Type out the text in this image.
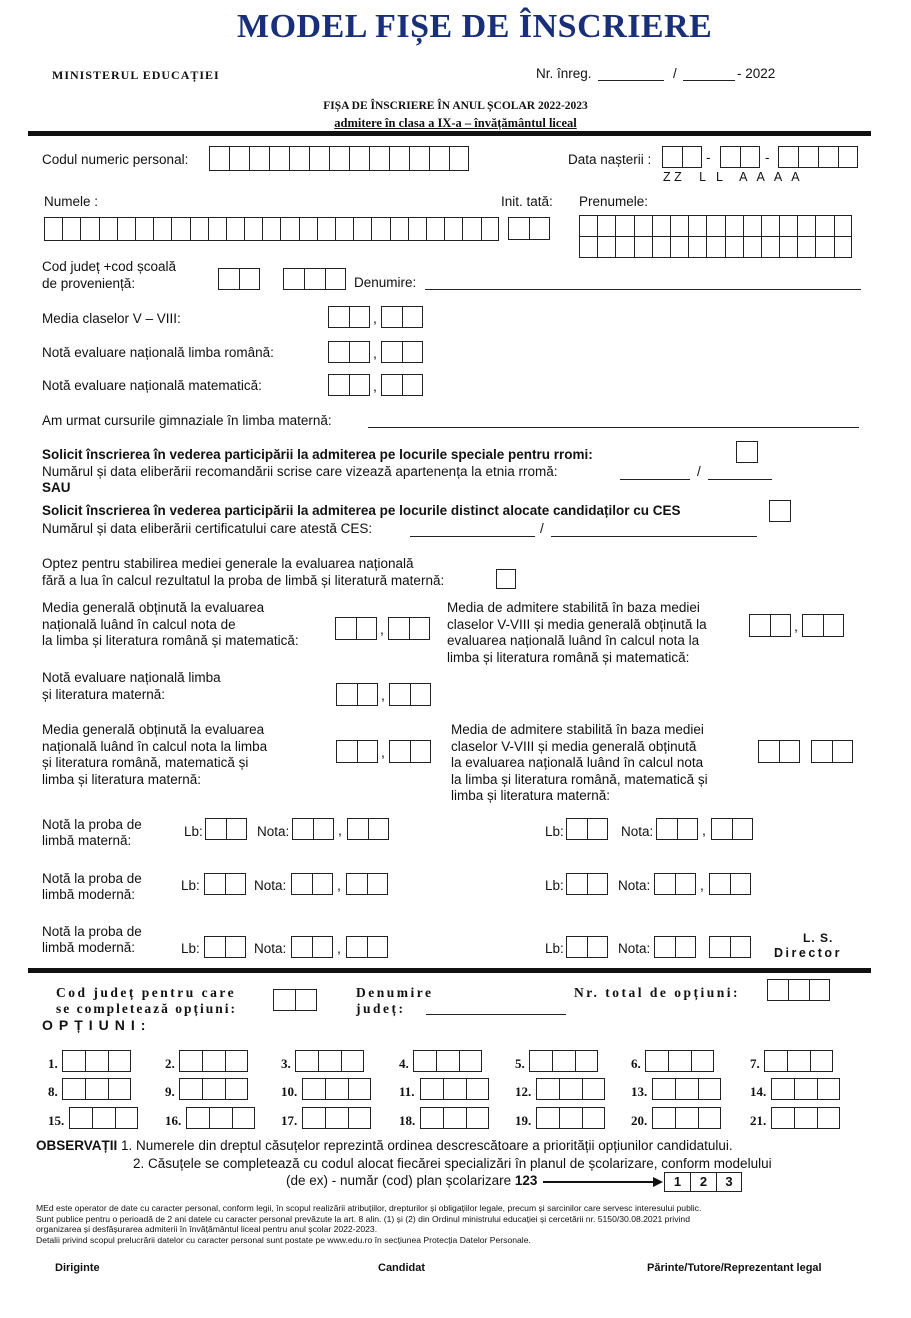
MODEL FIȘE DE ÎNSCRIERE
MINISTERUL EDUCAȚIEI	Nr. înreg.	/	- 2022
FIȘA DE ÎNSCRIERE ÎN ANUL ȘCOLAR 2022-2023
admitere în clasa a IX-a – învățământul liceal
Codul numeric personal:	Data nașterii :	-	-
Z Z     L   L     A   A   A   A
Numele :	Init. tată: Prenumele:
Cod județ +cod școală
de proveniență:	Denumire:
Media claselor V – VIII:	,
Notă evaluare națională limba română:	,
Notă evaluare națională matematică:	,
Am urmat cursurile gimnaziale în limba maternă:
Solicit înscrierea în vederea participării la admiterea pe locurile speciale pentru rromi:
Numărul și data eliberării recomandării scrise care vizează apartenența la etnia rromă:	/
SAU
Solicit înscrierea în vederea participării la admiterea pe locurile distinct alocate candidaților cu CES
Numărul și data eliberării certificatului care atestă CES:	/
Optez pentru stabilirea mediei generale la evaluarea națională
fără a lua în calcul rezultatul la proba de limbă și literatură maternă:
Media generală obținută la evaluarea
națională luând în calcul nota de
la limba și literatura română și matematică:
,
Media de admitere stabilită în baza mediei
claselor V-VIII și media generală obținută la
evaluarea națională luând în calcul nota la
limba și literatura română și matematică:
,
Notă evaluare națională limba
și literatura maternă:	,
Media generală obținută la evaluarea
națională luând în calcul nota la limba
și literatura română, matematică și
limba și literatura maternă:
,
Media de admitere stabilită în baza mediei
claselor V-VIII și media generală obținută
la evaluarea națională luând în calcul nota
la limba și literatura română, matematică și
limba și literatura maternă:
Notă la proba de
limbă maternă:
Lb:	Nota:	,	Lb:	Nota:	,
Notă la proba de
limbă modernă:
Lb:	Nota:	,	Lb:	Nota:	,
Notă la proba de
limbă modernă:	Lb:	Nota:	,	Lb:	Nota:
L. S.
Director
Cod județ pentru care
se completează opțiuni:
Denumire
județ:
Nr. total de opțiuni:
OPȚIUNI:
1.	2.	3.	4.	5.	6.	7.
8.	9.	10.	11.	12.	13.	14.
15.	16.	17.	18.	19.	20.	21.
OBSERVAȚII 1. Numerele din dreptul căsuțelor reprezintă ordinea descrescătoare a priorității opțiunilor candidatului.
2. Căsuțele se completează cu codul alocat fiecărei specializări în planul de școlarizare, conform modelului
(de ex) - număr (cod) plan școlarizare 123	1	2	3
MEd este operator de date cu caracter personal, conform legii, în scopul realizării atribuțiilor, drepturilor și obligațiilor legale, precum și sarcinilor care servesc interesului public.
Sunt publice pentru o perioadă de 2 ani datele cu caracter personal prevăzute la art. 8 alin. (1) și (2) din Ordinul ministrului educației și cercetării nr. 5150/30.08.2021 privind
organizarea și desfășurarea admiterii în învățământul liceal pentru anul școlar 2022-2023.
Detalii privind scopul prelucrării datelor cu caracter personal sunt postate pe www.edu.ro în secțiunea Protecția Datelor Personale.
Diriginte	Candidat	Părinte/Tutore/Reprezentant legal
